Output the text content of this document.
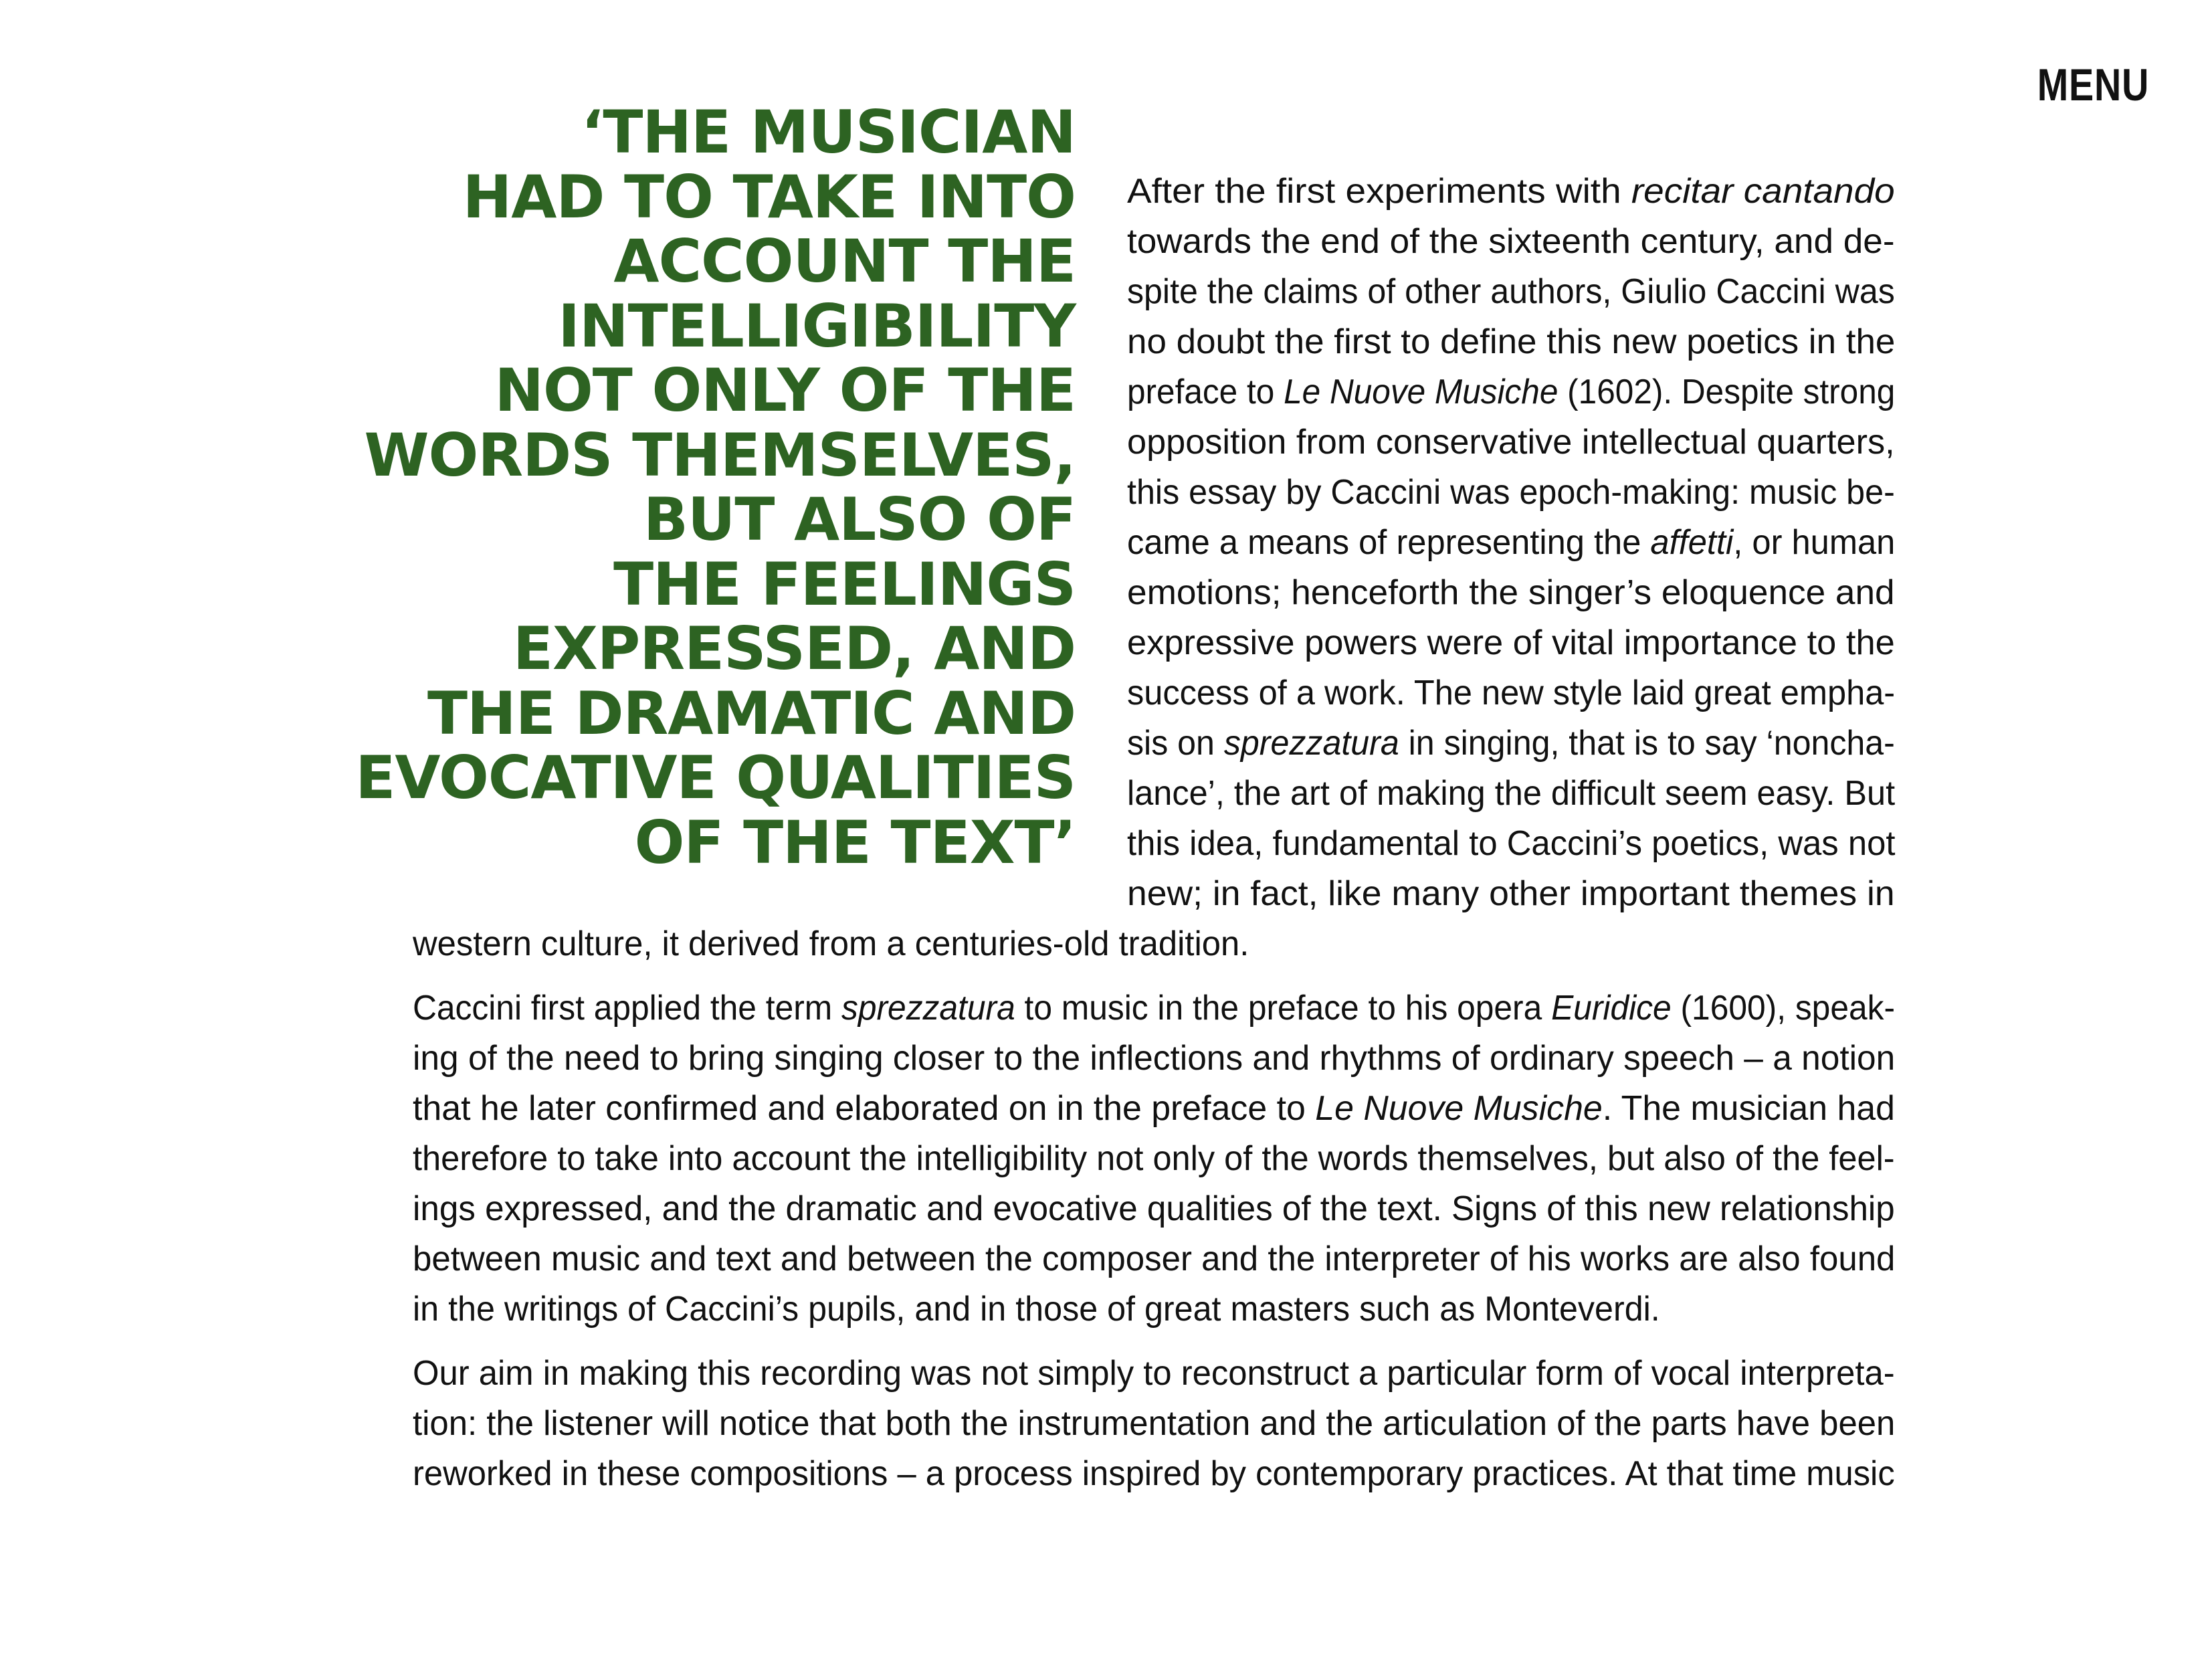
MENU
‘THE MUSICIAN
HAD TO TAKE INTO
ACCOUNT THE
INTELLIGIBILITY
NOT ONLY OF THE
WORDS THEMSELVES,
BUT ALSO OF
THE FEELINGS
EXPRESSED, AND
THE DRAMATIC AND
EVOCATIVE QUALITIES
OF THE TEXT’
After the first experiments with recitar cantando
towards the end of the sixteenth century, and de-
spite the claims of other authors, Giulio Caccini was
no doubt the first to define this new poetics in the
preface to Le Nuove Musiche (1602). Despite strong
opposition from conservative intellectual quarters,
this essay by Caccini was epoch-making: music be-
came a means of representing the affetti, or human
emotions; henceforth the singer’s eloquence and
expressive powers were of vital importance to the
success of a work. The new style laid great empha-
sis on sprezzatura in singing, that is to say ‘noncha-
lance’, the art of making the difficult seem easy. But
this idea, fundamental to Caccini’s poetics, was not
new; in fact, like many other important themes in
western culture, it derived from a centuries-old tradition.
Caccini first applied the term sprezzatura to music in the preface to his opera Euridice (1600), speak-
ing of the need to bring singing closer to the inflections and rhythms of ordinary speech – a notion
that he later confirmed and elaborated on in the preface to Le Nuove Musiche. The musician had
therefore to take into account the intelligibility not only of the words themselves, but also of the feel-
ings expressed, and the dramatic and evocative qualities of the text. Signs of this new relationship
between music and text and between the composer and the interpreter of his works are also found
in the writings of Caccini’s pupils, and in those of great masters such as Monteverdi.
Our aim in making this recording was not simply to reconstruct a particular form of vocal interpreta-
tion: the listener will notice that both the instrumentation and the articulation of the parts have been
reworked in these compositions – a process inspired by contemporary practices. At that time music
